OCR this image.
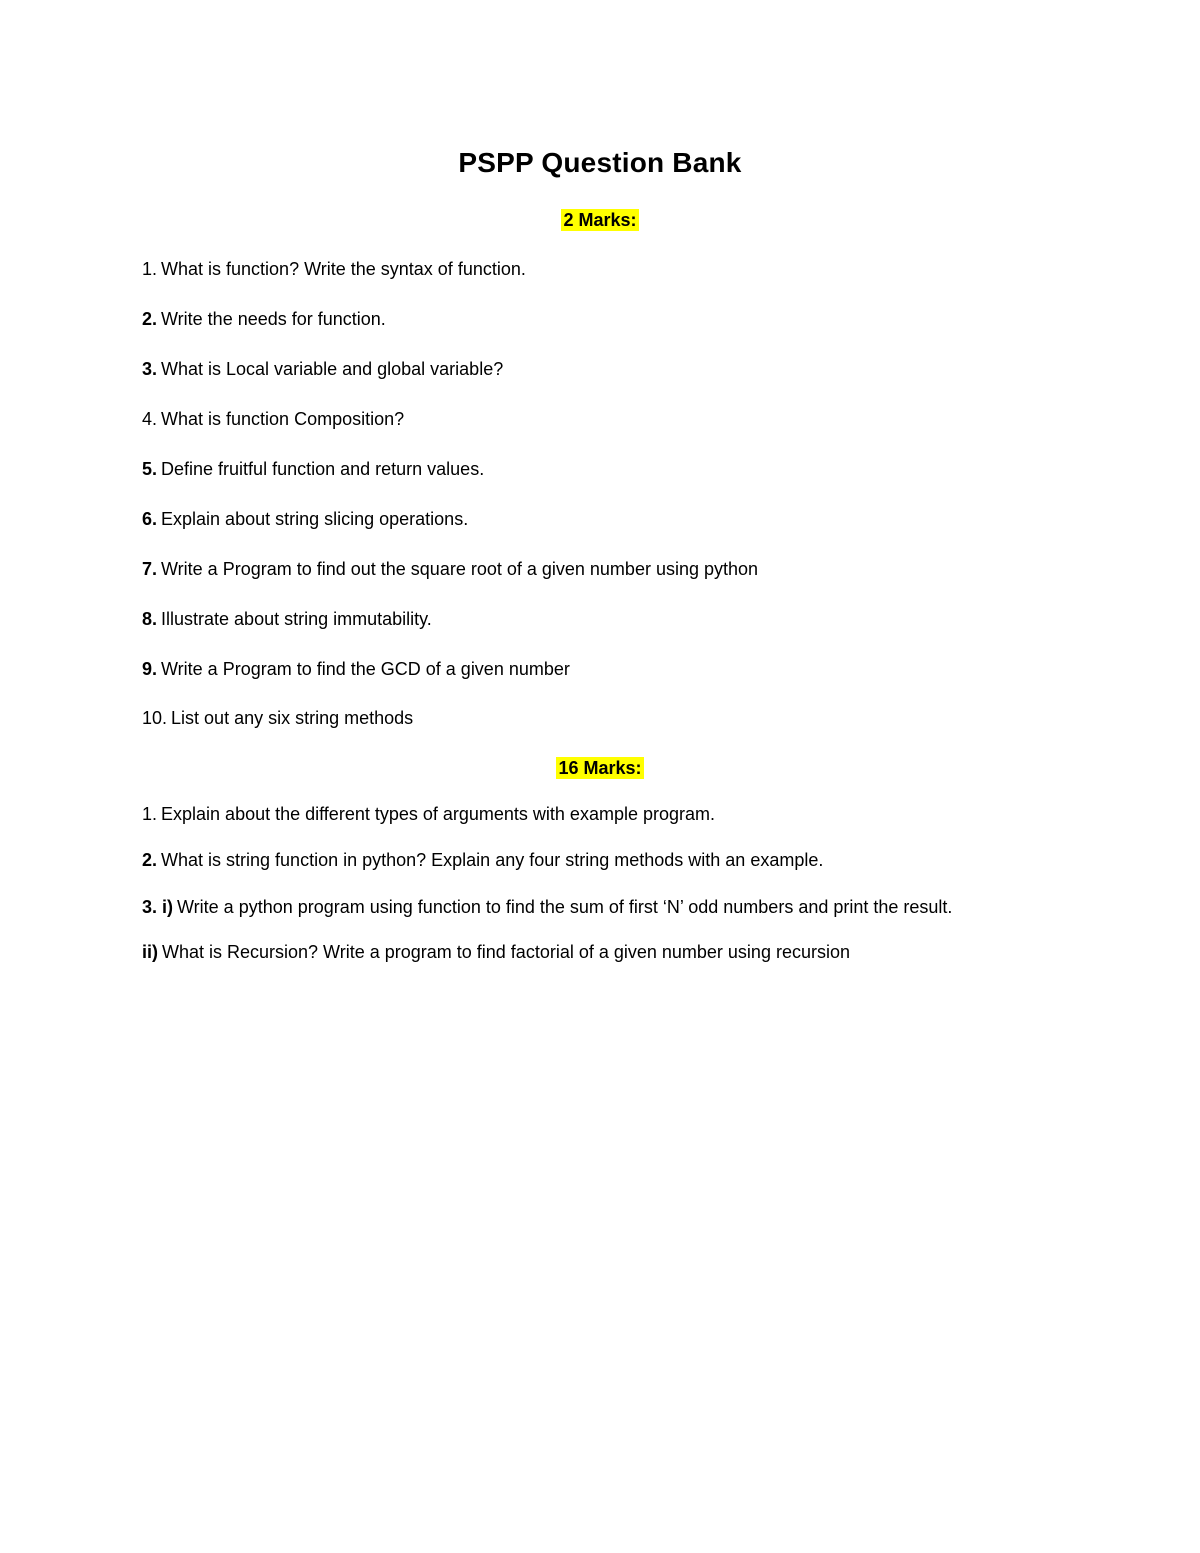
PSPP Question Bank
2 Marks:
1. What is function? Write the syntax of function.
2. Write the needs for function.
3. What is Local variable and global variable?
4. What is function Composition?
5. Define fruitful function and return values.
6. Explain about string slicing operations.
7. Write a Program to find out the square root of a given number using python
8. Illustrate about string immutability.
9. Write a Program to find the GCD of a given number
10. List out any six string methods
16 Marks:
1. Explain about the different types of arguments with example program.
2. What is string function in python? Explain any four string methods with an example.
3. i) Write a python program using function to find the sum of first ‘N’ odd numbers and print the result.
ii) What is Recursion? Write a program to find factorial of a given number using recursion
